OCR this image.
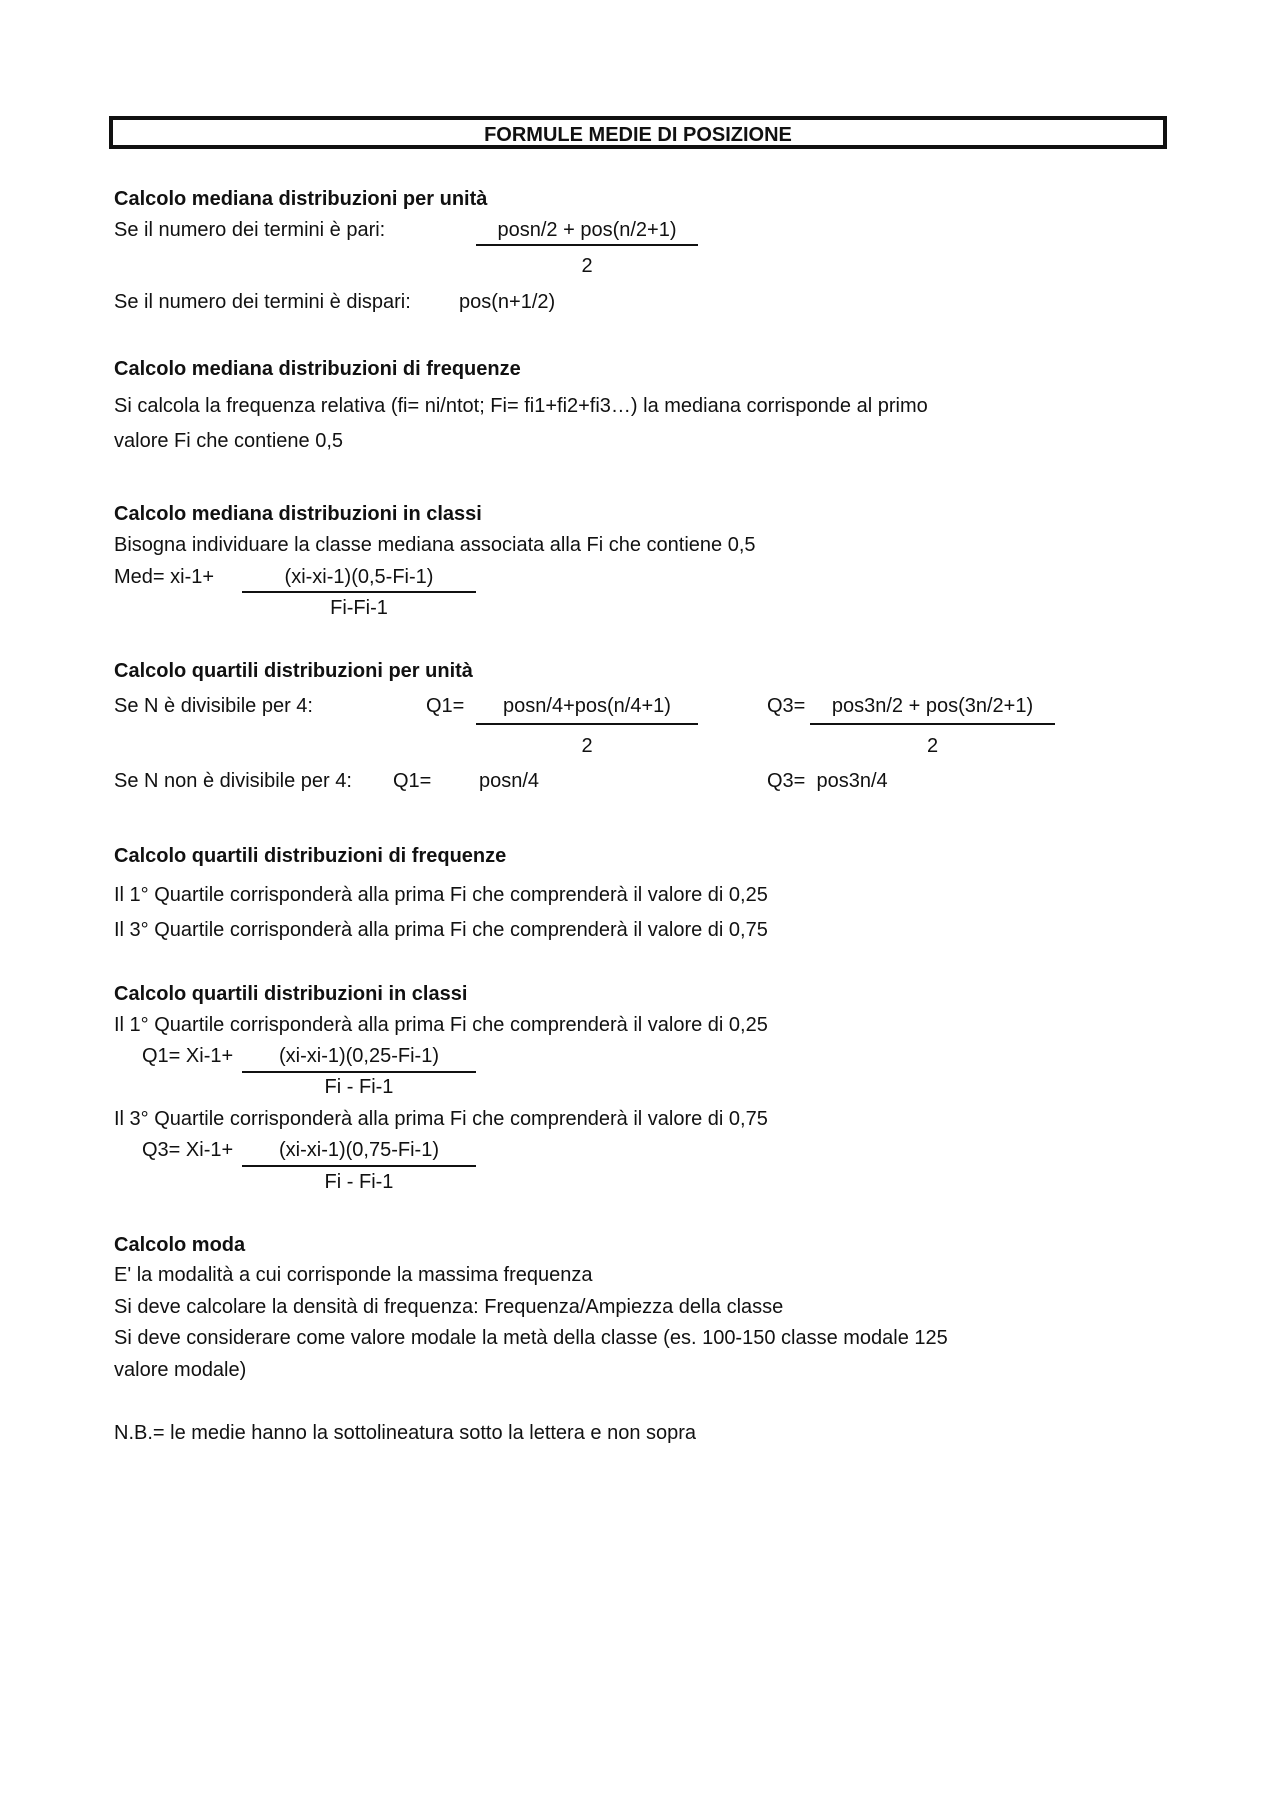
FORMULE MEDIE DI POSIZIONE
Calcolo mediana distribuzioni per unità
Se il numero dei termini è pari:	posn/2 + pos(n/2+1)
2
Se il numero dei termini è dispari: pos(n+1/2)
Calcolo mediana distribuzioni di frequenze
Si calcola la frequenza relativa (fi= ni/ntot; Fi= fi1+fi2+fi3…) la mediana corrisponde al primo
valore Fi che contiene 0,5
Calcolo mediana distribuzioni in classi
Bisogna individuare la classe mediana associata alla Fi che contiene 0,5
Med= xi-1+	(xi-xi-1)(0,5-Fi-1)
Fi-Fi-1
Calcolo quartili distribuzioni per unità
Se N è divisibile per 4:	Q1=	posn/4+pos(n/4+1)
2
Q3=	pos3n/2 + pos(3n/2+1)
2
Se N non è divisibile per 4: Q1= posn/4	Q3=  pos3n/4
Calcolo quartili distribuzioni di frequenze
Il 1° Quartile corrisponderà alla prima Fi che comprenderà il valore di 0,25
Il 3° Quartile corrisponderà alla prima Fi che comprenderà il valore di 0,75
Calcolo quartili distribuzioni in classi
Il 1° Quartile corrisponderà alla prima Fi che comprenderà il valore di 0,25
Q1= Xi-1+	(xi-xi-1)(0,25-Fi-1)
Fi - Fi-1
Il 3° Quartile corrisponderà alla prima Fi che comprenderà il valore di 0,75
Q3= Xi-1+	(xi-xi-1)(0,75-Fi-1)
Fi - Fi-1
Calcolo moda
E' la modalità a cui corrisponde la massima frequenza
Si deve calcolare la densità di frequenza: Frequenza/Ampiezza della classe
Si deve considerare come valore modale la metà della classe (es. 100-150 classe modale 125
valore modale)
N.B.= le medie hanno la sottolineatura sotto la lettera e non sopra
